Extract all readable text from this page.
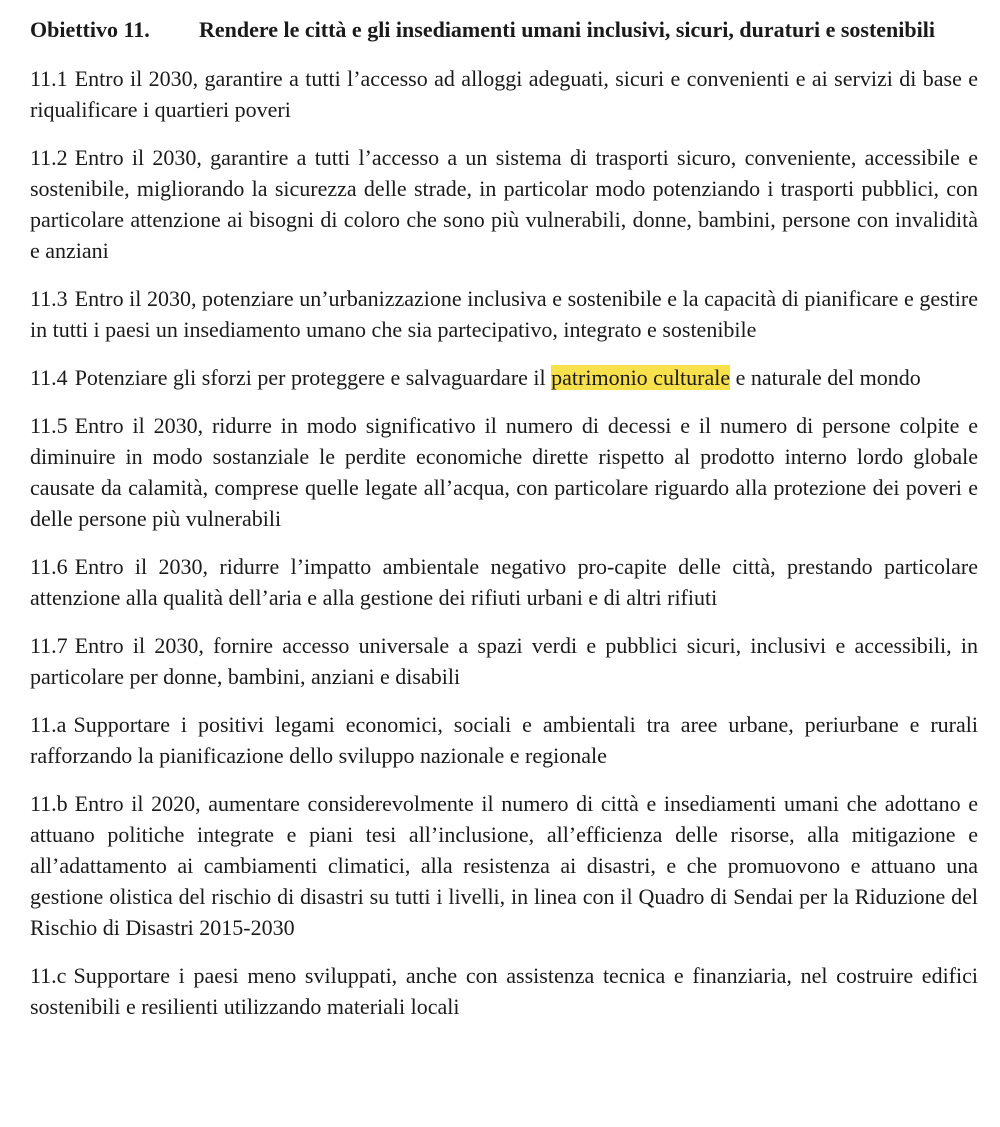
Obiettivo 11.	Rendere le città e gli insediamenti umani inclusivi, sicuri, duraturi e sostenibili

11.1 Entro il 2030, garantire a tutti l’accesso ad alloggi adeguati, sicuri e convenienti e ai servizi di base e riqualificare i quartieri poveri

11.2 Entro il 2030, garantire a tutti l’accesso a un sistema di trasporti sicuro, conveniente, accessibile e sostenibile, migliorando la sicurezza delle strade, in particolar modo potenziando i trasporti pubblici, con particolare attenzione ai bisogni di coloro che sono più vulnerabili, donne, bambini, persone con invalidità e anziani

11.3 Entro il 2030, potenziare un’urbanizzazione inclusiva e sostenibile e la capacità di pianificare e gestire in tutti i paesi un insediamento umano che sia partecipativo, integrato e sostenibile

11.4 Potenziare gli sforzi per proteggere e salvaguardare il patrimonio culturale e naturale del mondo

11.5 Entro il 2030, ridurre in modo significativo il numero di decessi e il numero di persone colpite e diminuire in modo sostanziale le perdite economiche dirette rispetto al prodotto interno lordo globale causate da calamità, comprese quelle legate all’acqua, con particolare riguardo alla protezione dei poveri e delle persone più vulnerabili

11.6 Entro il 2030, ridurre l’impatto ambientale negativo pro-capite delle città, prestando particolare attenzione alla qualità dell’aria e alla gestione dei rifiuti urbani e di altri rifiuti

11.7 Entro il 2030, fornire accesso universale a spazi verdi e pubblici sicuri, inclusivi e accessibili, in particolare per donne, bambini, anziani e disabili

11.a Supportare i positivi legami economici, sociali e ambientali tra aree urbane, periurbane e rurali rafforzando la pianificazione dello sviluppo nazionale e regionale

11.b Entro il 2020, aumentare considerevolmente il numero di città e insediamenti umani che adottano e attuano politiche integrate e piani tesi all’inclusione, all’efficienza delle risorse, alla mitigazione e all’adattamento ai cambiamenti climatici, alla resistenza ai disastri, e che promuovono e attuano una gestione olistica del rischio di disastri su tutti i livelli, in linea con il Quadro di Sendai per la Riduzione del Rischio di Disastri 2015-2030

11.c Supportare i paesi meno sviluppati, anche con assistenza tecnica e finanziaria, nel costruire edifici sostenibili e resilienti utilizzando materiali locali
